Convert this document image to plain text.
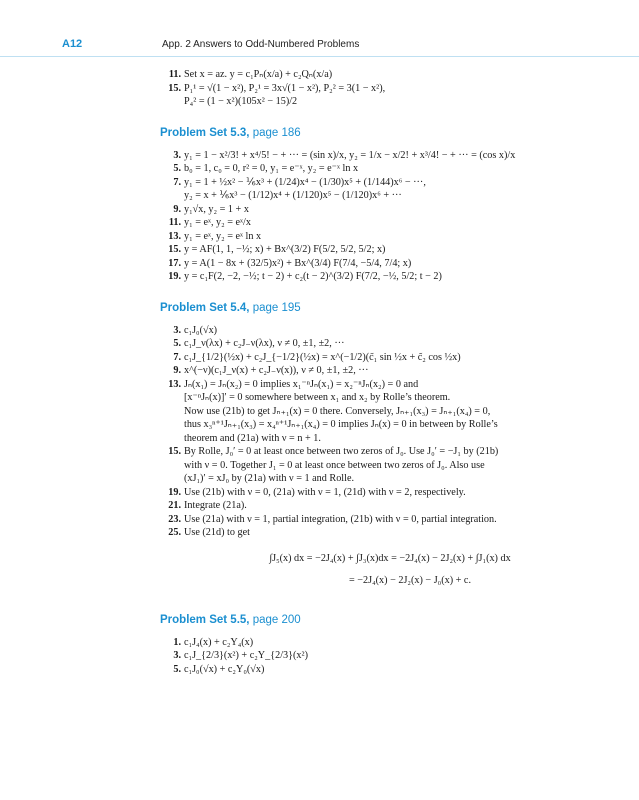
A12	App. 2 Answers to Odd-Numbered Problems
11. Set x = az. y = c₁Pₙ(x/a) + c₂Qₙ(x/a)
15. P₁¹ = √(1 − x²), P₂¹ = 3x√(1 − x²), P₂² = 3(1 − x²),
P₄² = (1 − x²)(105x² − 15)/2
Problem Set 5.3, page 186
3. y₁ = 1 − x²/3! + x⁴/5! − + ··· = (sin x)/x, y₂ = 1/x − x/2! + x³/4! − + ··· = (cos x)/x
5. b₀ = 1, c₀ = 0, r² = 0, y₁ = e⁻ˣ, y₂ = e⁻ˣ ln x
7. y₁ = 1 + ½x² − ⅙x³ + (1/24)x⁴ − (1/30)x⁵ + (1/144)x⁶ − ···,
y₂ = x + ⅙x³ − (1/12)x⁴ + (1/120)x⁵ − (1/120)x⁶ + ···
9. y₁√x, y₂ = 1 + x
11. y₁ = eˣ, y₂ = eˣ/x
13. y₁ = eˣ, y₂ = eˣ ln x
15. y = AF(1, 1, −½; x) + Bx^(3/2) F(5/2, 5/2, 5/2; x)
17. y = A(1 − 8x + (32/5)x²) + Bx^(3/4) F(7/4, −5/4, 7/4; x)
19. y = c₁F(2, −2, −½; t − 2) + c₂(t − 2)^(3/2) F(7/2, −½, 5/2; t − 2)
Problem Set 5.4, page 195
3. c₁J₀(√x)
5. c₁J_ν(λx) + c₂J₋ν(λx), ν ≠ 0, ±1, ±2, ···
7. c₁J_{1/2}(½x) + c₂J_{−1/2}(½x) = x^(−1/2)(c̃₁ sin ½x + c̃₂ cos ½x)
9. x^(−ν)(c₁J_ν(x) + c₂J₋ν(x)), ν ≠ 0, ±1, ±2, ···
13. Jₙ(x₁) = Jₙ(x₂) = 0 implies x₁⁻ⁿJₙ(x₁) = x₂⁻ⁿJₙ(x₂) = 0 and
[x⁻ⁿJₙ(x)]′ = 0 somewhere between x₁ and x₂ by Rolle’s theorem.
Now use (21b) to get Jₙ₊₁(x) = 0 there. Conversely, Jₙ₊₁(x₃) = Jₙ₊₁(x₄) = 0,
thus x₃ⁿ⁺¹Jₙ₊₁(x₃) = x₄ⁿ⁺¹Jₙ₊₁(x₄) = 0 implies Jₙ(x) = 0 in between by Rolle’s
theorem and (21a) with ν = n + 1.
15. By Rolle, J₀′ = 0 at least once between two zeros of J₀. Use J₀′ = −J₁ by (21b)
with ν = 0. Together J₁ = 0 at least once between two zeros of J₀. Also use
(xJ₁)′ = xJ₀ by (21a) with ν = 1 and Rolle.
19. Use (21b) with ν = 0, (21a) with ν = 1, (21d) with ν = 2, respectively.
21. Integrate (21a).
23. Use (21a) with ν = 1, partial integration, (21b) with ν = 0, partial integration.
25. Use (21d) to get
∫J₅(x) dx = −2J₄(x) + ∫J₃(x)dx = −2J₄(x) − 2J₂(x) + ∫J₁(x) dx
= −2J₄(x) − 2J₂(x) − J₀(x) + c.
Problem Set 5.5, page 200
1. c₁J₄(x) + c₂Y₄(x)
3. c₁J_{2/3}(x²) + c₂Y_{2/3}(x²)
5. c₁J₀(√x) + c₂Y₀(√x)
